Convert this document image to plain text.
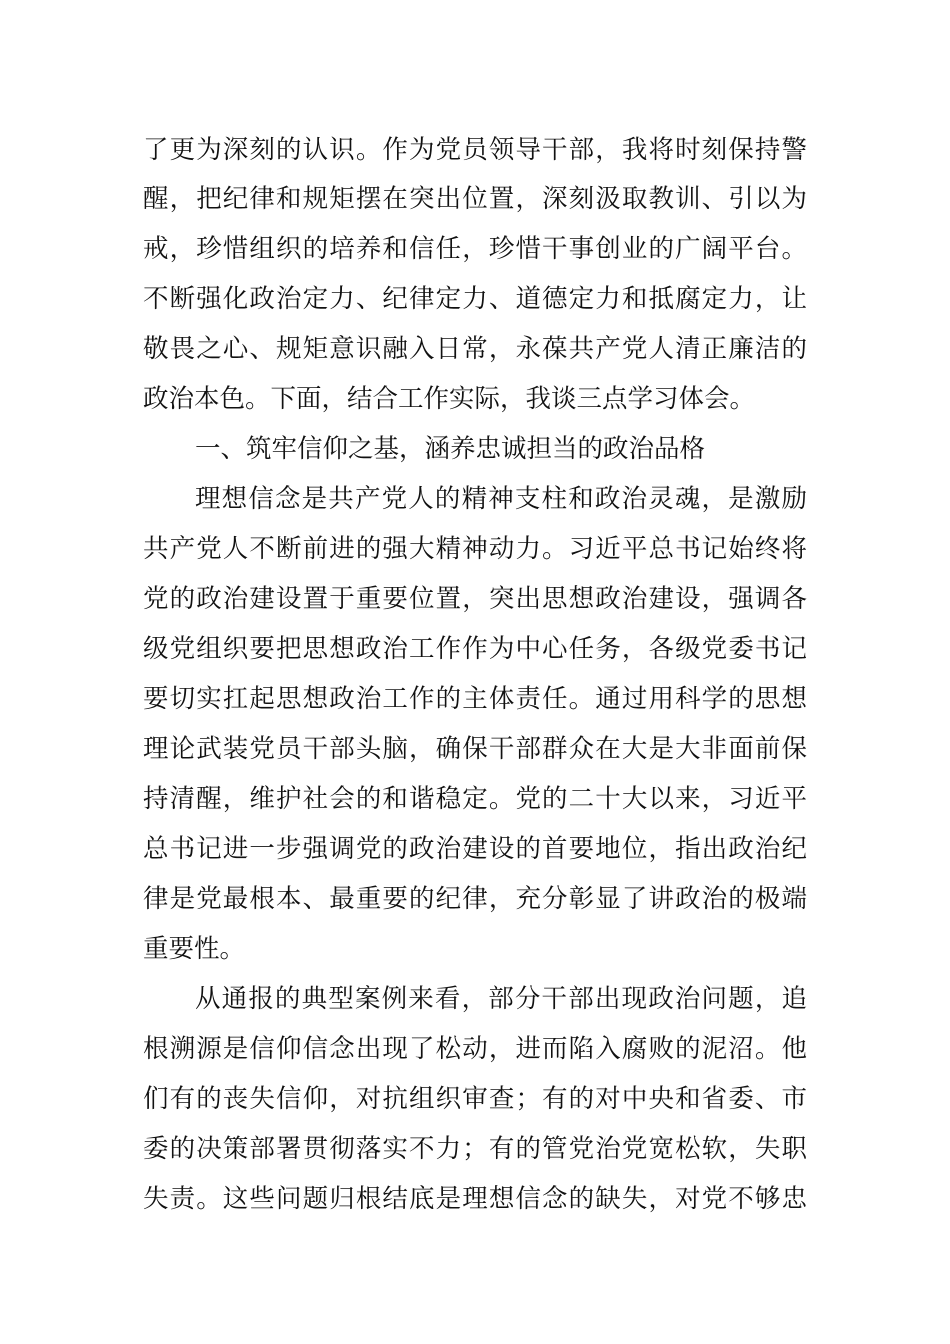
了更为深刻的认识。作为党员领导干部，我将时刻保持警
醒，把纪律和规矩摆在突出位置，深刻汲取教训、引以为
戒，珍惜组织的培养和信任，珍惜干事创业的广阔平台。
不断强化政治定力、纪律定力、道德定力和抵腐定力，让
敬畏之心、规矩意识融入日常，永葆共产党人清正廉洁的
政治本色。下面，结合工作实际，我谈三点学习体会。
一、筑牢信仰之基，涵养忠诚担当的政治品格
理想信念是共产党人的精神支柱和政治灵魂，是激励
共产党人不断前进的强大精神动力。习近平总书记始终将
党的政治建设置于重要位置，突出思想政治建设，强调各
级党组织要把思想政治工作作为中心任务，各级党委书记
要切实扛起思想政治工作的主体责任。通过用科学的思想
理论武装党员干部头脑，确保干部群众在大是大非面前保
持清醒，维护社会的和谐稳定。党的二十大以来，习近平
总书记进一步强调党的政治建设的首要地位，指出政治纪
律是党最根本、最重要的纪律，充分彰显了讲政治的极端
重要性。
从通报的典型案例来看，部分干部出现政治问题，追
根溯源是信仰信念出现了松动，进而陷入腐败的泥沼。他
们有的丧失信仰，对抗组织审查；有的对中央和省委、市
委的决策部署贯彻落实不力；有的管党治党宽松软，失职
失责。这些问题归根结底是理想信念的缺失，对党不够忠
